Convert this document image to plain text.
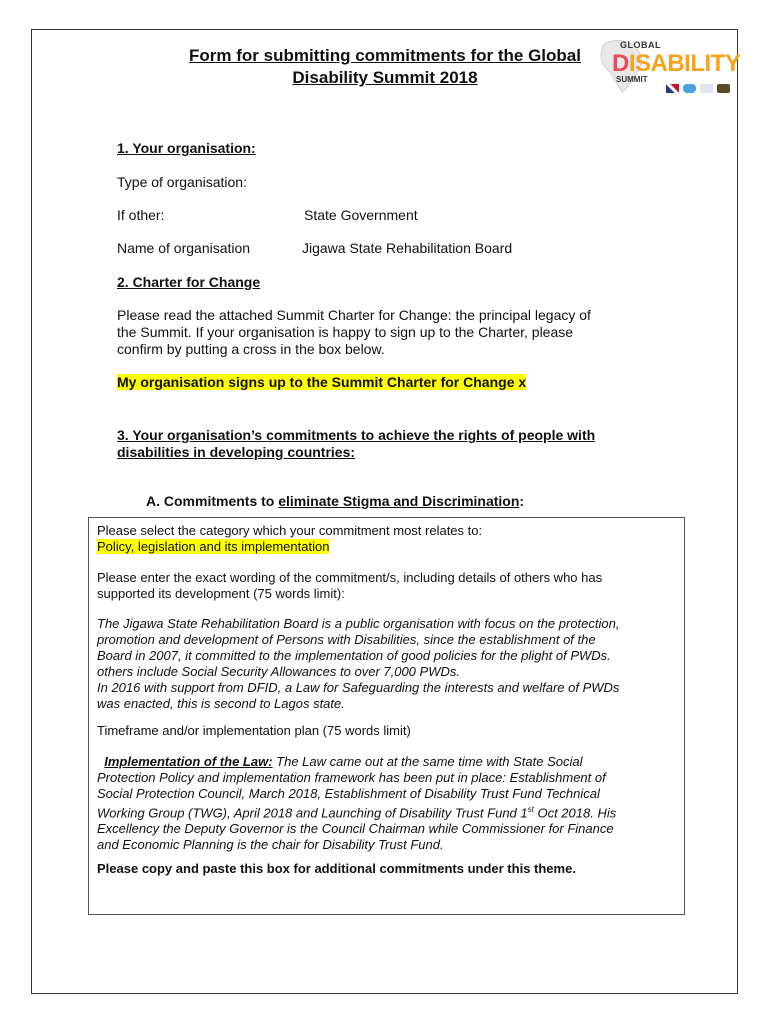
Form for submitting commitments for the Global
Disability Summit 2018
GLOBAL
DISABILITY
SUMMIT
1. Your organisation:
Type of organisation:
If other:	State Government
Name of organisation	Jigawa State Rehabilitation Board
2. Charter for Change
Please read the attached Summit Charter for Change: the principal legacy of
the Summit. If your organisation is happy to sign up to the Charter, please
confirm by putting a cross in the box below.
My organisation signs up to the Summit Charter for Change x
3. Your organisation’s commitments to achieve the rights of people with
disabilities in developing countries:
A. Commitments to eliminate Stigma and Discrimination:
Please select the category which your commitment most relates to:
Policy, legislation and its implementation
Please enter the exact wording of the commitment/s, including details of others who has
supported its development (75 words limit):
The Jigawa State Rehabilitation Board is a public organisation with focus on the protection,
promotion and development of Persons with Disabilities, since the establishment of the
Board in 2007, it committed to the implementation of good policies for the plight of PWDs.
others include Social Security Allowances to over 7,000 PWDs.
In 2016 with support from DFID, a Law for Safeguarding the interests and welfare of PWDs
was enacted, this is second to Lagos state.
Timeframe and/or implementation plan (75 words limit)
Implementation of the Law: The Law came out at the same time with State Social
Protection Policy and implementation framework has been put in place: Establishment of
Social Protection Council, March 2018, Establishment of Disability Trust Fund Technical
Working Group (TWG), April 2018 and Launching of Disability Trust Fund 1st Oct 2018. His
Excellency the Deputy Governor is the Council Chairman while Commissioner for Finance
and Economic Planning is the chair for Disability Trust Fund.
Please copy and paste this box for additional commitments under this theme.
